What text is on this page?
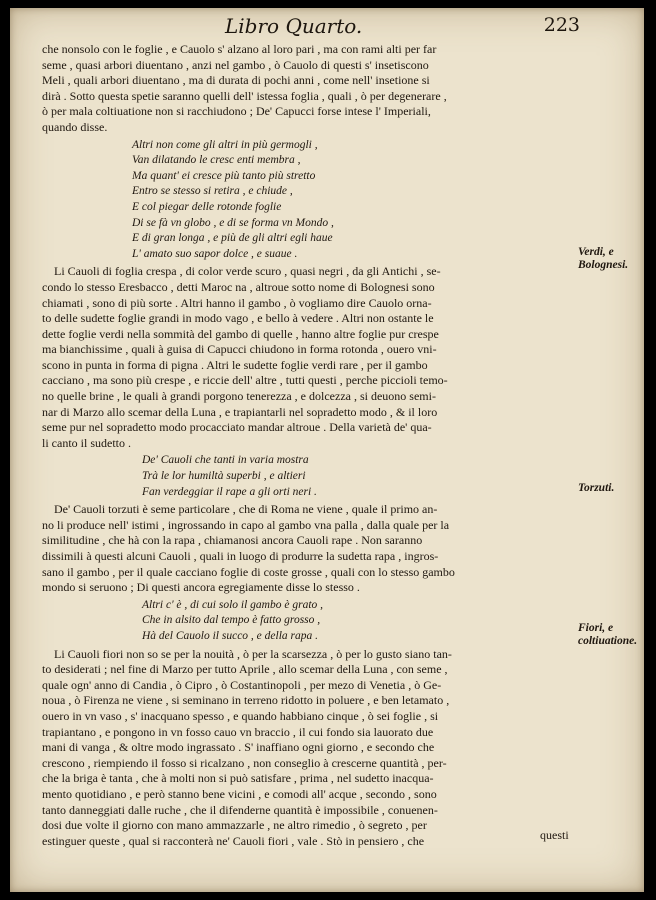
Libro Quarto.	223
che nonsolo con le foglie , e Cauolo s' alzano al loro pari , ma con rami alti per far
seme , quasi arbori diuentano , anzi nel gambo , ò Cauolo di questi s' insetiscono
Meli , quali arbori diuentano , ma di durata di pochi anni , come nell' insetione si
dirà . Sotto questa spetie saranno quelli dell' istessa foglia , quali , ò per degenerare ,
ò per mala coltiuatione non si racchiudono ; De' Capucci forse intese l' Imperiali,
quando disse.
Altri non come gli altri in più germogli ,
Van dilatando le cresc enti membra ,
Ma quant' ei cresce più tanto più stretto
Entro se stesso si retira , e chiude ,
E col piegar delle rotonde foglie
Di se fà vn globo , e di se forma vn Mondo ,
E di gran longa , e più de gli altri egli haue
L' amato suo sapor dolce , e suaue .
Li Cauoli di foglia crespa , di color verde scuro , quasi negri , da gli Antichi , se-
condo lo stesso Eresbacco , detti Maroc na , altroue sotto nome di Bolognesi sono
chiamati , sono di più sorte . Altri hanno il gambo , ò vogliamo dire Cauolo orna-
to delle sudette foglie grandi in modo vago , e bello à vedere . Altri non ostante le
dette foglie verdi nella sommità del gambo di quelle , hanno altre foglie pur crespe
ma bianchissime , quali à guisa di Capucci chiudono in forma rotonda , ouero vni-
scono in punta in forma di pigna . Altri le sudette foglie verdi rare , per il gambo
cacciano , ma sono più crespe , e riccie dell' altre , tutti questi , perche piccioli temo-
no quelle brine , le quali à grandi porgono tenerezza , e dolcezza , si deuono semi-
nar di Marzo allo scemar della Luna , e trapiantarli nel sopradetto modo , & il loro
seme pur nel sopradetto modo procacciato mandar altroue . Della varietà de' qua-
li canto il sudetto .
De' Cauoli che tanti in varia mostra
Trà le lor humiltà superbi , e altieri
Fan verdeggiar il rape a gli orti neri .
De' Cauoli torzuti è seme particolare , che di Roma ne viene , quale il primo an-
no li produce nell' istimi , ingrossando in capo al gambo vna palla , dalla quale per la
similitudine , che hà con la rapa , chiamanosi ancora Cauoli rape . Non saranno
dissimili à questi alcuni Cauoli , quali in luogo di produrre la sudetta rapa , ingros-
sano il gambo , per il quale cacciano foglie di coste grosse , quali con lo stesso gambo
mondo si seruono ; Di questi ancora egregiamente disse lo stesso .
Altri c' è , di cui solo il gambo è grato ,
Che in alsito dal tempo è fatto grosso ,
Hà del Cauolo il succo , e della rapa .
Li Cauoli fiori non so se per la nouità , ò per la scarsezza , ò per lo gusto siano tan-
to desiderati ; nel fine di Marzo per tutto Aprile , allo scemar della Luna , con seme ,
quale ogn' anno di Candia , ò Cipro , ò Costantinopoli , per mezo di Venetia , ò Ge-
noua , ò Firenza ne viene , si seminano in terreno ridotto in poluere , e ben letamato ,
ouero in vn vaso , s' inacquano spesso , e quando habbiano cinque , ò sei foglie , si
trapiantano , e pongono in vn fosso cauo vn braccio , il cui fondo sia lauorato due
mani di vanga , & oltre modo ingrassato . S' inaffiano ogni giorno , e secondo che
crescono , riempiendo il fosso si ricalzano , non conseglio à crescerne quantità , per-
che la briga è tanta , che à molti non si può satisfare , prima , nel sudetto inacqua-
mento quotidiano , e però stanno bene vicini , e comodi all' acque , secondo , sono
tanto danneggiati dalle ruche , che il difenderne quantità è impossibile , conuenen-
dosi due volte il giorno con mano ammazzarle , ne altro rimedio , ò segreto , per
estinguer queste , qual si racconterà ne' Cauoli fiori , vale . Stò in pensiero , che
Verdi, e Bolognesi.
Torzuti.
Fiori, e coltiuatione.
questi
